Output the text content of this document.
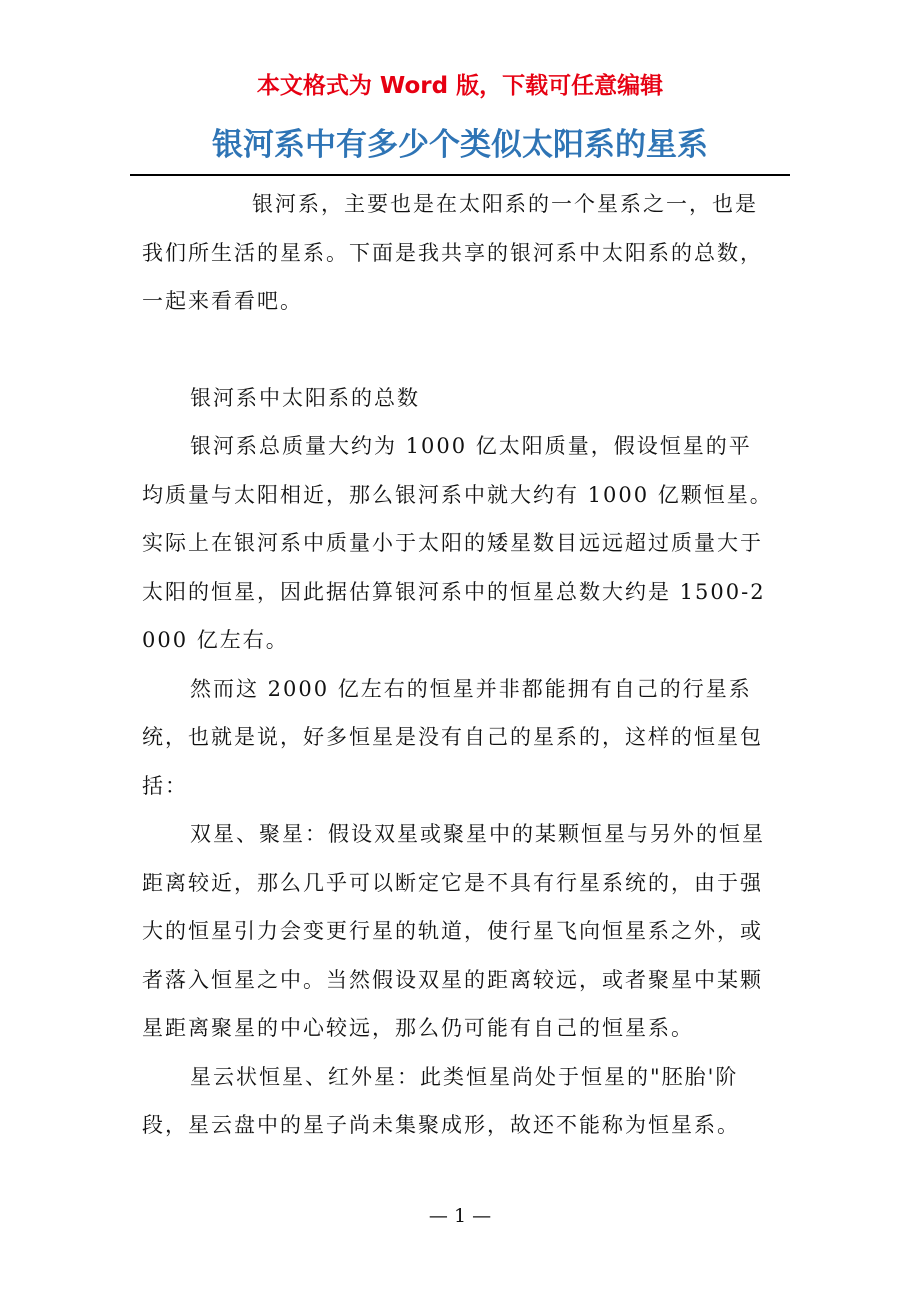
本文格式为 Word 版，下载可任意编辑
银河系中有多少个类似太阳系的星系

银河系，主要也是在太阳系的一个星系之一，也是我们所生活的星系。下面是我共享的银河系中太阳系的总数，一起来看看吧。

银河系中太阳系的总数

银河系总质量大约为 1000 亿太阳质量，假设恒星的平均质量与太阳相近，那么银河系中就大约有 1000 亿颗恒星。实际上在银河系中质量小于太阳的矮星数目远远超过质量大于太阳的恒星，因此据估算银河系中的恒星总数大约是 1500-2000 亿左右。

然而这 2000 亿左右的恒星并非都能拥有自己的行星系统，也就是说，好多恒星是没有自己的星系的，这样的恒星包括：

双星、聚星：假设双星或聚星中的某颗恒星与另外的恒星距离较近，那么几乎可以断定它是不具有行星系统的，由于强大的恒星引力会变更行星的轨道，使行星飞向恒星系之外，或者落入恒星之中。当然假设双星的距离较远，或者聚星中某颗星距离聚星的中心较远，那么仍可能有自己的恒星系。

星云状恒星、红外星：此类恒星尚处于恒星的"胚胎'阶段，星云盘中的星子尚未集聚成形，故还不能称为恒星系。

— 1 —
